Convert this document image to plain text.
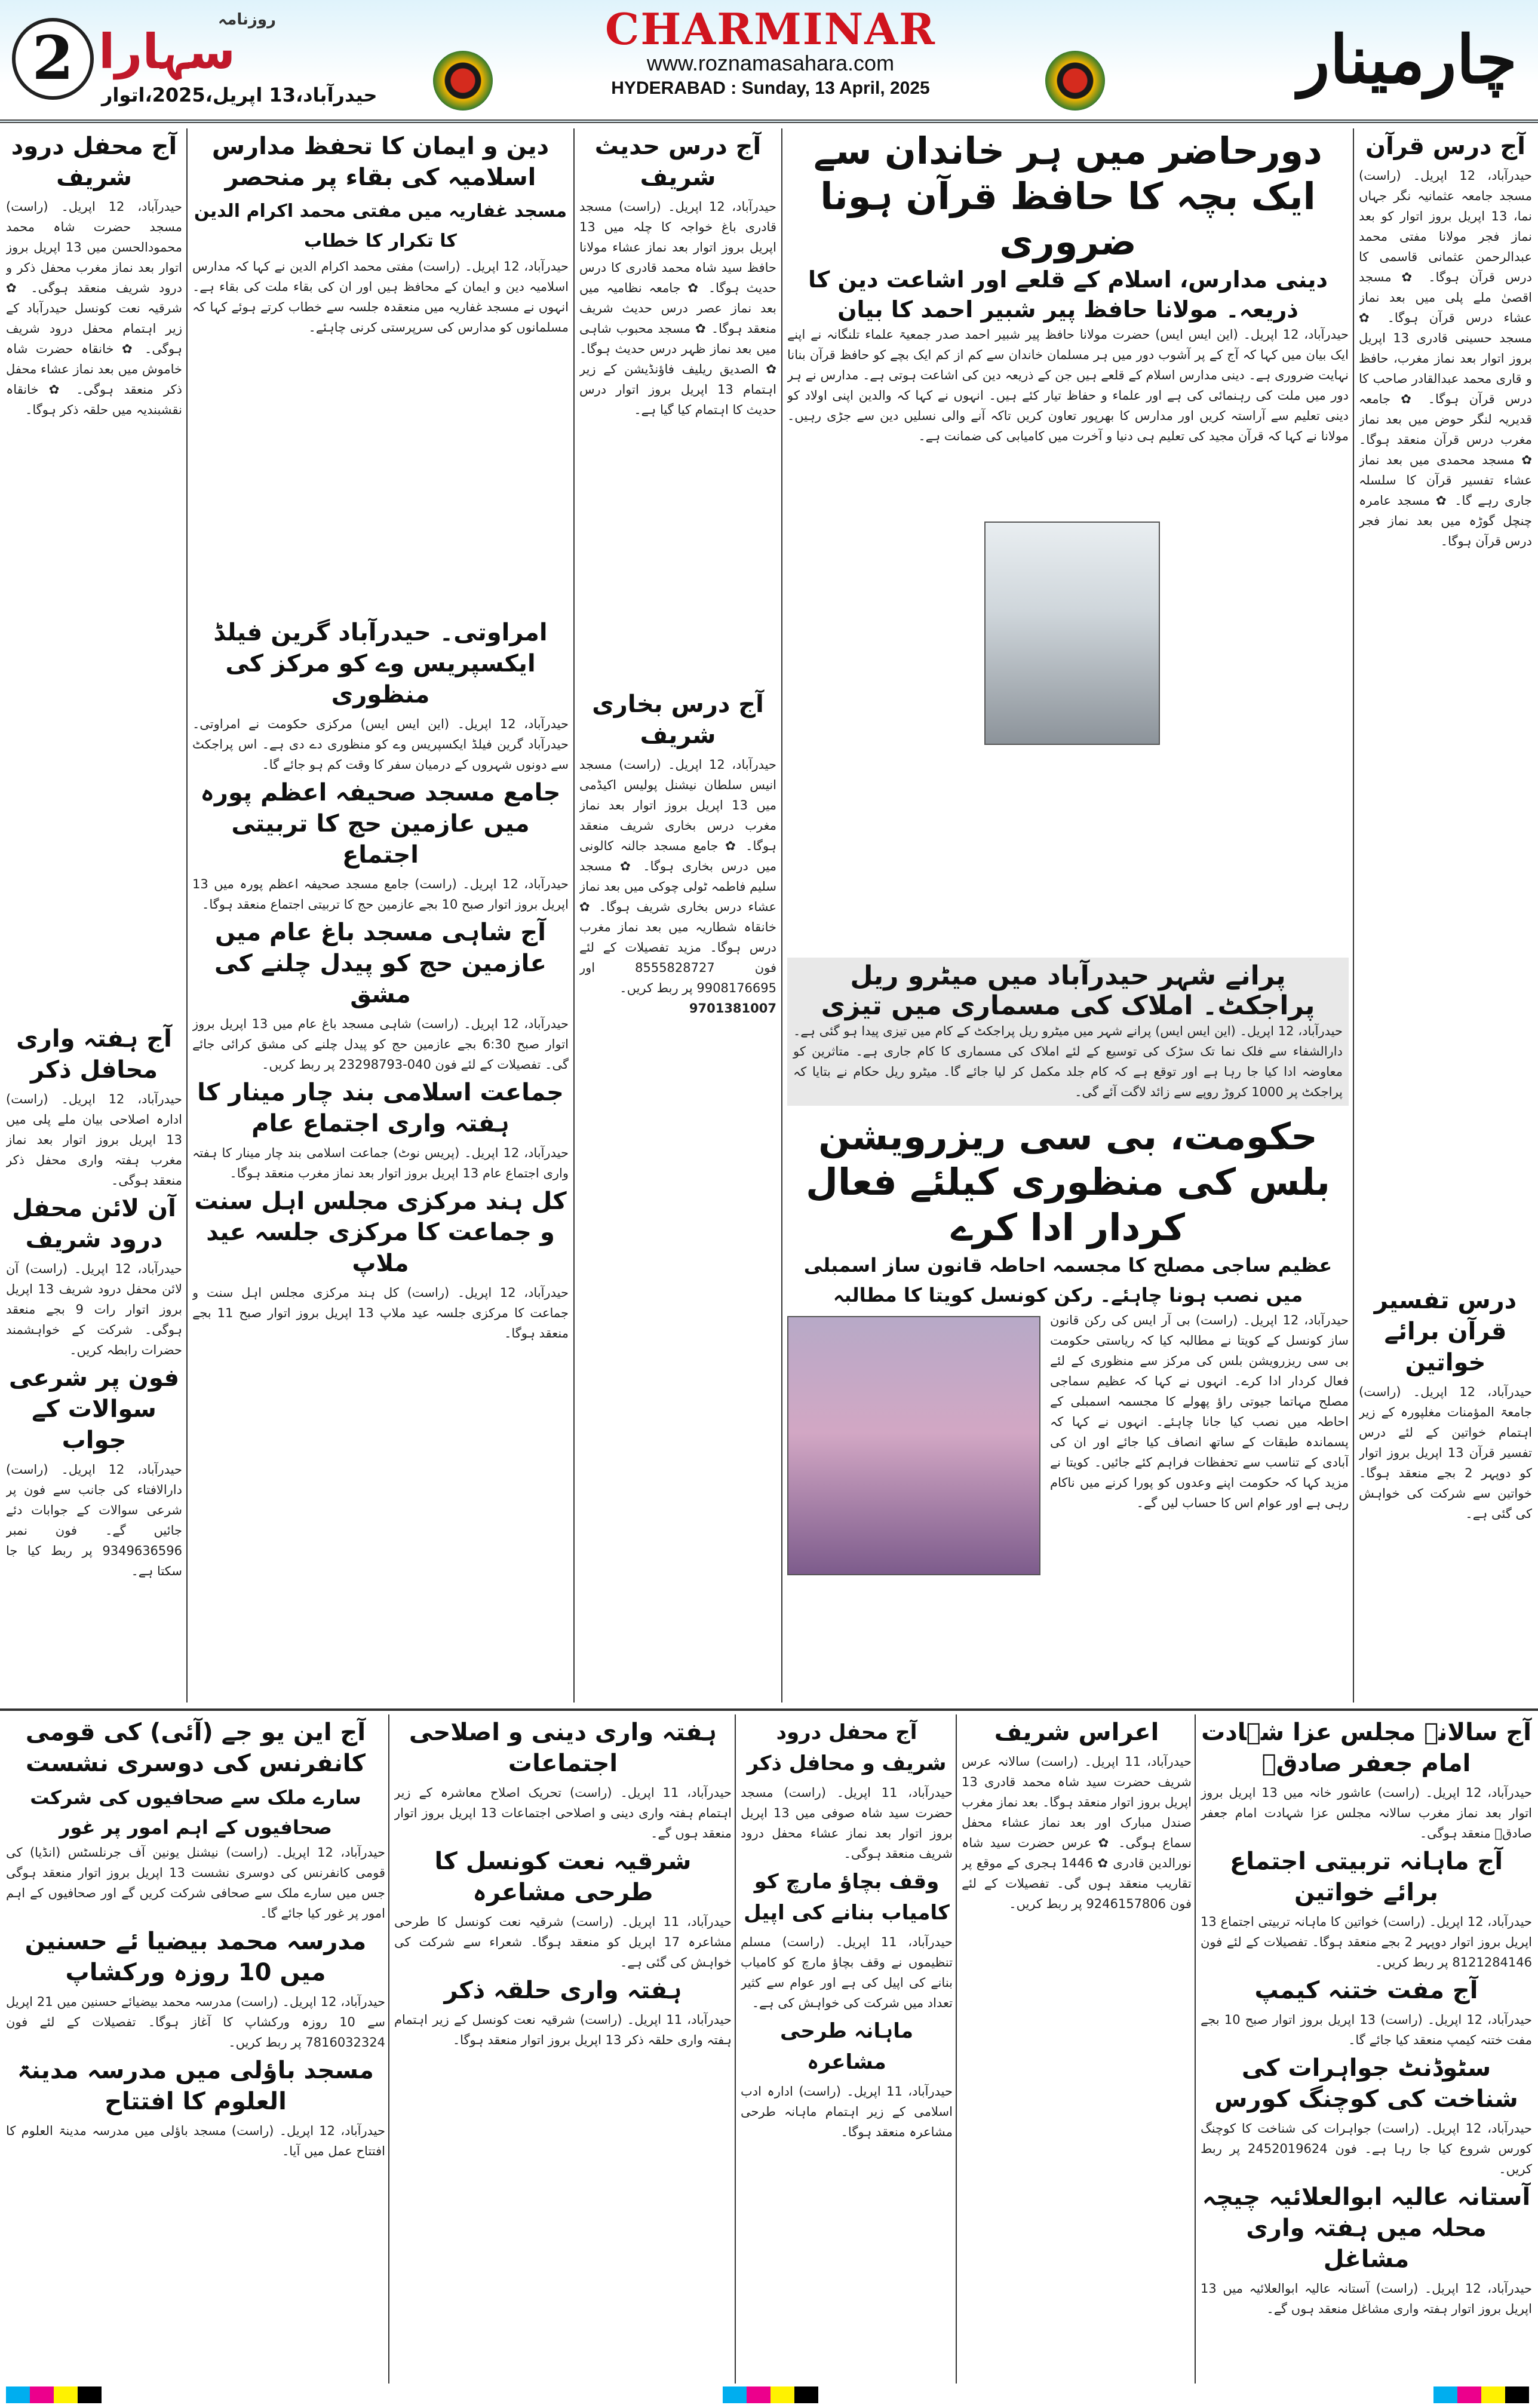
2 سہارا
روزنامہ
حیدرآباد،13 اپریل،2025،اتوار
CHARMINAR
www.roznamasahara.com
HYDERABAD : Sunday, 13 April, 2025	چارمینار
آج درس قرآن
حیدرآباد، 12 اپریل۔ (راست) مسجد جامعہ عثمانیہ نگر جہاں نما، 13 اپریل بروز اتوار کو بعد نماز فجر مولانا مفتی محمد عبدالرحمن عثمانی قاسمی کا درس قرآن ہوگا۔ ✿ مسجد اقصیٰ ملے پلی میں بعد نماز عشاء درس قرآن ہوگا۔ ✿ مسجد حسینی قادری 13 اپریل بروز اتوار بعد نماز مغرب، حافظ و قاری محمد عبدالقادر صاحب کا درس قرآن ہوگا۔ ✿ جامعہ قدیریہ لنگر حوض میں بعد نماز مغرب درس قرآن منعقد ہوگا۔ ✿ مسجد محمدی میں بعد نماز عشاء تفسیر قرآن کا سلسلہ جاری رہے گا۔ ✿ مسجد عامرہ چنچل گوڑہ میں بعد نماز فجر درس قرآن ہوگا۔
درس تفسیر قرآن برائے خواتین
حیدرآباد، 12 اپریل۔ (راست) جامعۃ المؤمنات مغلپورہ کے زیر اہتمام خواتین کے لئے درس تفسیر قرآن 13 اپریل بروز اتوار کو دوپہر 2 بجے منعقد ہوگا۔ خواتین سے شرکت کی خواہش کی گئی ہے۔
دورحاضر میں ہر خاندان سے ایک بچہ کا حافظ قرآن ہونا ضروری
دینی مدارس، اسلام کے قلعے اور اشاعت دین کا ذریعہ۔ مولانا حافظ پیر شبیر احمد کا بیان
حیدرآباد، 12 اپریل۔ (این ایس ایس) حضرت مولانا حافظ پیر شبیر احمد صدر جمعیۃ علماء تلنگانہ نے اپنے ایک بیان میں کہا کہ آج کے پر آشوب دور میں ہر مسلمان خاندان سے کم از کم ایک بچے کو حافظ قرآن بنانا نہایت ضروری ہے۔ دینی مدارس اسلام کے قلعے ہیں جن کے ذریعہ دین کی اشاعت ہوتی ہے۔ مدارس نے ہر دور میں ملت کی رہنمائی کی ہے اور علماء و حفاظ تیار کئے ہیں۔ انہوں نے کہا کہ والدین اپنی اولاد کو دینی تعلیم سے آراستہ کریں اور مدارس کا بھرپور تعاون کریں تاکہ آنے والی نسلیں دین سے جڑی رہیں۔ مولانا نے کہا کہ قرآن مجید کی تعلیم ہی دنیا و آخرت میں کامیابی کی ضمانت ہے۔
پرانے شہر حیدرآباد میں میٹرو ریل پراجکٹ۔ املاک کی مسماری میں تیزی
حیدرآباد، 12 اپریل۔ (این ایس ایس) پرانے شہر میں میٹرو ریل پراجکٹ کے کام میں تیزی پیدا ہو گئی ہے۔ دارالشفاء سے فلک نما تک سڑک کی توسیع کے لئے املاک کی مسماری کا کام جاری ہے۔ متاثرین کو معاوضہ ادا کیا جا رہا ہے اور توقع ہے کہ کام جلد مکمل کر لیا جائے گا۔ میٹرو ریل حکام نے بتایا کہ پراجکٹ پر 1000 کروڑ روپے سے زائد لاگت آئے گی۔
حکومت، بی سی ریزرویشن بلس کی منظوری کیلئے فعال کردار ادا کرے
عظیم ساجی مصلح کا مجسمہ احاطہ قانون ساز اسمبلی میں نصب ہونا چاہئے۔ رکن کونسل کویتا کا مطالبہ
حیدرآباد، 12 اپریل۔ (راست) بی آر ایس کی رکن قانون ساز کونسل کے کویتا نے مطالبہ کیا کہ ریاستی حکومت بی سی ریزرویشن بلس کی مرکز سے منظوری کے لئے فعال کردار ادا کرے۔ انہوں نے کہا کہ عظیم سماجی مصلح مہاتما جیوتی راؤ پھولے کا مجسمہ اسمبلی کے احاطہ میں نصب کیا جانا چاہئے۔ انہوں نے کہا کہ پسماندہ طبقات کے ساتھ انصاف کیا جائے اور ان کی آبادی کے تناسب سے تحفظات فراہم کئے جائیں۔ کویتا نے مزید کہا کہ حکومت اپنے وعدوں کو پورا کرنے میں ناکام رہی ہے اور عوام اس کا حساب لیں گے۔
آج درس حدیث شریف
حیدرآباد، 12 اپریل۔ (راست) مسجد قادری باغ خواجہ کا چلہ میں 13 اپریل بروز اتوار بعد نماز عشاء مولانا حافظ سید شاہ محمد قادری کا درس حدیث ہوگا۔ ✿ جامعہ نظامیہ میں بعد نماز عصر درس حدیث شریف منعقد ہوگا۔ ✿ مسجد محبوب شاہی میں بعد نماز ظہر درس حدیث ہوگا۔ ✿ الصدیق ریلیف فاؤنڈیشن کے زیر اہتمام 13 اپریل بروز اتوار درس حدیث کا اہتمام کیا گیا ہے۔
آج درس بخاری شریف
حیدرآباد، 12 اپریل۔ (راست) مسجد انیس سلطان نیشنل پولیس اکیڈمی میں 13 اپریل بروز اتوار بعد نماز مغرب درس بخاری شریف منعقد ہوگا۔ ✿ جامع مسجد جالنہ کالونی میں درس بخاری ہوگا۔ ✿ مسجد سلیم فاطمہ ٹولی چوکی میں بعد نماز عشاء درس بخاری شریف ہوگا۔ ✿ خانقاہ شطاریہ میں بعد نماز مغرب درس ہوگا۔ مزید تفصیلات کے لئے فون 8555828727 اور 9908176695 پر ربط کریں۔
9701381007
دین و ایمان کا تحفظ مدارس اسلامیہ کی بقاء پر منحصر
مسجد غفاریہ میں مفتی محمد اکرام الدین کا تکرار کا خطاب
حیدرآباد، 12 اپریل۔ (راست) مفتی محمد اکرام الدین نے کہا کہ مدارس اسلامیہ دین و ایمان کے محافظ ہیں اور ان کی بقاء ملت کی بقاء ہے۔ انہوں نے مسجد غفاریہ میں منعقدہ جلسہ سے خطاب کرتے ہوئے کہا کہ مسلمانوں کو مدارس کی سرپرستی کرنی چاہئے۔
امراوتی۔ حیدرآباد گرین فیلڈ ایکسپریس وے کو مرکز کی منظوری
حیدرآباد، 12 اپریل۔ (این ایس ایس) مرکزی حکومت نے امراوتی۔ حیدرآباد گرین فیلڈ ایکسپریس وے کو منظوری دے دی ہے۔ اس پراجکٹ سے دونوں شہروں کے درمیان سفر کا وقت کم ہو جائے گا۔
جامع مسجد صحیفہ اعظم پورہ میں عازمین حج کا تربیتی اجتماع
حیدرآباد، 12 اپریل۔ (راست) جامع مسجد صحیفہ اعظم پورہ میں 13 اپریل بروز اتوار صبح 10 بجے عازمین حج کا تربیتی اجتماع منعقد ہوگا۔
آج شاہی مسجد باغ عام میں عازمین حج کو پیدل چلنے کی مشق
حیدرآباد، 12 اپریل۔ (راست) شاہی مسجد باغ عام میں 13 اپریل بروز اتوار صبح 6:30 بجے عازمین حج کو پیدل چلنے کی مشق کرائی جائے گی۔ تفصیلات کے لئے فون 040-23298793 پر ربط کریں۔
جماعت اسلامی بند چار مینار کا ہفتہ واری اجتماع عام
حیدرآباد، 12 اپریل۔ (پریس نوٹ) جماعت اسلامی بند چار مینار کا ہفتہ واری اجتماع عام 13 اپریل بروز اتوار بعد نماز مغرب منعقد ہوگا۔
کل ہند مرکزی مجلس اہل سنت و جماعت کا مرکزی جلسہ عید ملاپ
حیدرآباد، 12 اپریل۔ (راست) کل ہند مرکزی مجلس اہل سنت و جماعت کا مرکزی جلسہ عید ملاپ 13 اپریل بروز اتوار صبح 11 بجے منعقد ہوگا۔
آج محفل درود شریف
حیدرآباد، 12 اپریل۔ (راست) مسجد حضرت شاہ محمد محمودالحسن میں 13 اپریل بروز اتوار بعد نماز مغرب محفل ذکر و درود شریف منعقد ہوگی۔ ✿ شرقیہ نعت کونسل حیدرآباد کے زیر اہتمام محفل درود شریف ہوگی۔ ✿ خانقاہ حضرت شاہ خاموش میں بعد نماز عشاء محفل ذکر منعقد ہوگی۔ ✿ خانقاہ نقشبندیہ میں حلقہ ذکر ہوگا۔
آج ہفتہ واری محافل ذکر
حیدرآباد، 12 اپریل۔ (راست) ادارہ اصلاحی بیان ملے پلی میں 13 اپریل بروز اتوار بعد نماز مغرب ہفتہ واری محفل ذکر منعقد ہوگی۔
آن لائن محفل درود شریف
حیدرآباد، 12 اپریل۔ (راست) آن لائن محفل درود شریف 13 اپریل بروز اتوار رات 9 بجے منعقد ہوگی۔ شرکت کے خواہشمند حضرات رابطہ کریں۔
فون پر شرعی سوالات کے جواب
حیدرآباد، 12 اپریل۔ (راست) دارالافتاء کی جانب سے فون پر شرعی سوالات کے جوابات دئے جائیں گے۔ فون نمبر 9349636596 پر ربط کیا جا سکتا ہے۔
آج سالانہ مجلس عزا شہادت امام جعفر صادقؑ
حیدرآباد، 12 اپریل۔ (راست) عاشور خانہ میں 13 اپریل بروز اتوار بعد نماز مغرب سالانہ مجلس عزا شہادت امام جعفر صادقؑ منعقد ہوگی۔
آج ماہانہ تربیتی اجتماع برائے خواتین
حیدرآباد، 12 اپریل۔ (راست) خواتین کا ماہانہ تربیتی اجتماع 13 اپریل بروز اتوار دوپہر 2 بجے منعقد ہوگا۔ تفصیلات کے لئے فون 8121284146 پر ربط کریں۔
آج مفت ختنہ کیمپ
حیدرآباد، 12 اپریل۔ (راست) 13 اپریل بروز اتوار صبح 10 بجے مفت ختنہ کیمپ منعقد کیا جائے گا۔
سٹوڈنٹ جواہرات کی شناخت کی کوچنگ کورس
حیدرآباد، 12 اپریل۔ (راست) جواہرات کی شناخت کا کوچنگ کورس شروع کیا جا رہا ہے۔ فون 2452019624 پر ربط کریں۔
آستانہ عالیہ ابوالعلائیہ چیچہ محلہ میں ہفتہ واری مشاغل
حیدرآباد، 12 اپریل۔ (راست) آستانہ عالیہ ابوالعلائیہ میں 13 اپریل بروز اتوار ہفتہ واری مشاغل منعقد ہوں گے۔
اعراس شریف
حیدرآباد، 11 اپریل۔ (راست) سالانہ عرس شریف حضرت سید شاہ محمد قادری 13 اپریل بروز اتوار منعقد ہوگا۔ بعد نماز مغرب صندل مبارک اور بعد نماز عشاء محفل سماع ہوگی۔ ✿ عرس حضرت سید شاہ نورالدین قادری ✿ 1446 ہجری کے موقع پر تقاریب منعقد ہوں گی۔ تفصیلات کے لئے فون 9246157806 پر ربط کریں۔
آج محفل درود شریف و محافل ذکر
حیدرآباد، 11 اپریل۔ (راست) مسجد حضرت سید شاہ صوفی میں 13 اپریل بروز اتوار بعد نماز عشاء محفل درود شریف منعقد ہوگی۔
وقف بچاؤ مارچ کو کامیاب بنانے کی اپیل
حیدرآباد، 11 اپریل۔ (راست) مسلم تنظیموں نے وقف بچاؤ مارچ کو کامیاب بنانے کی اپیل کی ہے اور عوام سے کثیر تعداد میں شرکت کی خواہش کی ہے۔
ماہانہ طرحی مشاعرہ
حیدرآباد، 11 اپریل۔ (راست) ادارہ ادب اسلامی کے زیر اہتمام ماہانہ طرحی مشاعرہ منعقد ہوگا۔
ہفتہ واری دینی و اصلاحی اجتماعات
حیدرآباد، 11 اپریل۔ (راست) تحریک اصلاح معاشرہ کے زیر اہتمام ہفتہ واری دینی و اصلاحی اجتماعات 13 اپریل بروز اتوار منعقد ہوں گے۔
شرقیہ نعت کونسل کا طرحی مشاعرہ
حیدرآباد، 11 اپریل۔ (راست) شرقیہ نعت کونسل کا طرحی مشاعرہ 17 اپریل کو منعقد ہوگا۔ شعراء سے شرکت کی خواہش کی گئی ہے۔
ہفتہ واری حلقہ ذکر
حیدرآباد، 11 اپریل۔ (راست) شرقیہ نعت کونسل کے زیر اہتمام ہفتہ واری حلقہ ذکر 13 اپریل بروز اتوار منعقد ہوگا۔
آج این یو جے (آئی) کی قومی کانفرنس کی دوسری نشست
سارے ملک سے صحافیوں کی شرکت صحافیوں کے اہم امور پر غور
حیدرآباد، 12 اپریل۔ (راست) نیشنل یونین آف جرنلسٹس (انڈیا) کی قومی کانفرنس کی دوسری نشست 13 اپریل بروز اتوار منعقد ہوگی جس میں سارے ملک سے صحافی شرکت کریں گے اور صحافیوں کے اہم امور پر غور کیا جائے گا۔
مدرسہ محمد بیضیا ئے حسنین میں 10 روزہ ورکشاپ
حیدرآباد، 12 اپریل۔ (راست) مدرسہ محمد بیضیائے حسنین میں 21 اپریل سے 10 روزہ ورکشاپ کا آغاز ہوگا۔ تفصیلات کے لئے فون 7816032324 پر ربط کریں۔
مسجد باؤلی میں مدرسہ مدینۃ العلوم کا افتتاح
حیدرآباد، 12 اپریل۔ (راست) مسجد باؤلی میں مدرسہ مدینۃ العلوم کا افتتاح عمل میں آیا۔
